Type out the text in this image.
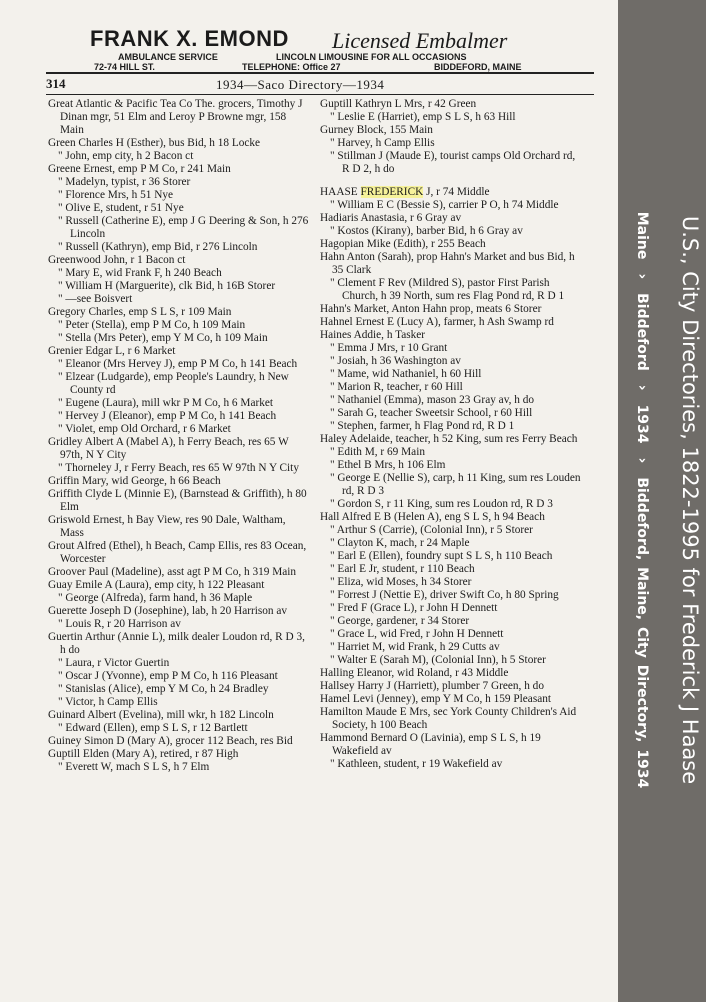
FRANK X. EMOND Licensed Embalmer
AMBULANCE SERVICE	LINCOLN LIMOUSINE FOR ALL OCCASIONS
72-74 HILL ST.	TELEPHONE: Office 27	BIDDEFORD, MAINE
314	1934—Saco Directory—1934

Great Atlantic & Pacific Tea Co The. grocers, Timothy J Dinan mgr, 51 Elm and Leroy P Browne mgr, 158 Main

Green Charles H (Esther), bus Bid, h 18 Locke

" John, emp city, h 2 Bacon ct

Greene Ernest, emp P M Co, r 241 Main

" Madelyn, typist, r 36 Storer

" Florence Mrs, h 51 Nye

" Olive E, student, r 51 Nye

" Russell (Catherine E), emp J G Deering & Son, h 276 Lincoln

" Russell (Kathryn), emp Bid, r 276 Lincoln

Greenwood John, r 1 Bacon ct

" Mary E, wid Frank F, h 240 Beach

" William H (Marguerite), clk Bid, h 16B Storer

" —see Boisvert

Gregory Charles, emp S L S, r 109 Main

" Peter (Stella), emp P M Co, h 109 Main

" Stella (Mrs Peter), emp Y M Co, h 109 Main

Grenier Edgar L, r 6 Market

" Eleanor (Mrs Hervey J), emp P M Co, h 141 Beach

" Elzear (Ludgarde), emp People's Laundry, h New County rd

" Eugene (Laura), mill wkr P M Co, h 6 Market

" Hervey J (Eleanor), emp P M Co, h 141 Beach

" Violet, emp Old Orchard, r 6 Market

Gridley Albert A (Mabel A), h Ferry Beach, res 65 W 97th, N Y City

" Thorneley J, r Ferry Beach, res 65 W 97th N Y City

Griffin Mary, wid George, h 66 Beach

Griffith Clyde L (Minnie E), (Barnstead & Griffith), h 80 Elm

Griswold Ernest, h Bay View, res 90 Dale, Waltham, Mass

Grout Alfred (Ethel), h Beach, Camp Ellis, res 83 Ocean, Worcester

Groover Paul (Madeline), asst agt P M Co, h 319 Main

Guay Emile A (Laura), emp city, h 122 Pleasant

" George (Alfreda), farm hand, h 36 Maple

Guerette Joseph D (Josephine), lab, h 20 Harrison av

" Louis R, r 20 Harrison av

Guertin Arthur (Annie L), milk dealer Loudon rd, R D 3, h do

" Laura, r Victor Guertin

" Oscar J (Yvonne), emp P M Co, h 116 Pleasant

" Stanislas (Alice), emp Y M Co, h 24 Bradley

" Victor, h Camp Ellis

Guinard Albert (Evelina), mill wkr, h 182 Lincoln

" Edward (Ellen), emp S L S, r 12 Bartlett

Guiney Simon D (Mary A), grocer 112 Beach, res Bid

Guptill Elden (Mary A), retired, r 87 High

" Everett W, mach S L S, h 7 Elm

Guptill Kathryn L Mrs, r 42 Green

" Leslie E (Harriet), emp S L S, h 63 Hill

Gurney Block, 155 Main

" Harvey, h Camp Ellis

" Stillman J (Maude E), tourist camps Old Orchard rd, R D 2, h do

HAASE FREDERICK J, r 74 Middle

" William E C (Bessie S), carrier P O, h 74 Middle

Hadiaris Anastasia, r 6 Gray av

" Kostos (Kirany), barber Bid, h 6 Gray av

Hagopian Mike (Edith), r 255 Beach

Hahn Anton (Sarah), prop Hahn's Market and bus Bid, h 35 Clark

" Clement F Rev (Mildred S), pastor First Parish Church, h 39 North, sum res Flag Pond rd, R D 1

Hahn's Market, Anton Hahn prop, meats 6 Storer

Hahnel Ernest E (Lucy A), farmer, h Ash Swamp rd

Haines Addie, h Tasker

" Emma J Mrs, r 10 Grant

" Josiah, h 36 Washington av

" Mame, wid Nathaniel, h 60 Hill

" Marion R, teacher, r 60 Hill

" Nathaniel (Emma), mason 23 Gray av, h do

" Sarah G, teacher Sweetsir School, r 60 Hill

" Stephen, farmer, h Flag Pond rd, R D 1

Haley Adelaide, teacher, h 52 King, sum res Ferry Beach

" Edith M, r 69 Main

" Ethel B Mrs, h 106 Elm

" George E (Nellie S), carp, h 11 King, sum res Louden rd, R D 3

" Gordon S, r 11 King, sum res Loudon rd, R D 3

Hall Alfred E B (Helen A), eng S L S, h 94 Beach

" Arthur S (Carrie), (Colonial Inn), r 5 Storer

" Clayton K, mach, r 24 Maple

" Earl E (Ellen), foundry supt S L S, h 110 Beach

" Earl E Jr, student, r 110 Beach

" Eliza, wid Moses, h 34 Storer

" Forrest J (Nettie E), driver Swift Co, h 80 Spring

" Fred F (Grace L), r John H Dennett

" George, gardener, r 34 Storer

" Grace L, wid Fred, r John H Dennett

" Harriet M, wid Frank, h 29 Cutts av

" Walter E (Sarah M), (Colonial Inn), h 5 Storer

Halling Eleanor, wid Roland, r 43 Middle

Hallsey Harry J (Harriett), plumber 7 Green, h do

Hamel Levi (Jenney), emp Y M Co, h 159 Pleasant

Hamilton Maude E Mrs, sec York County Children's Aid Society, h 100 Beach

Hammond Bernard O (Lavinia), emp S L S, h 19 Wakefield av

" Kathleen, student, r 19 Wakefield av	U.S., City Directories, 1822-1995 for Frederick J Haase
Maine›Biddeford›1934›Biddeford, Maine, City Directory, 1934
